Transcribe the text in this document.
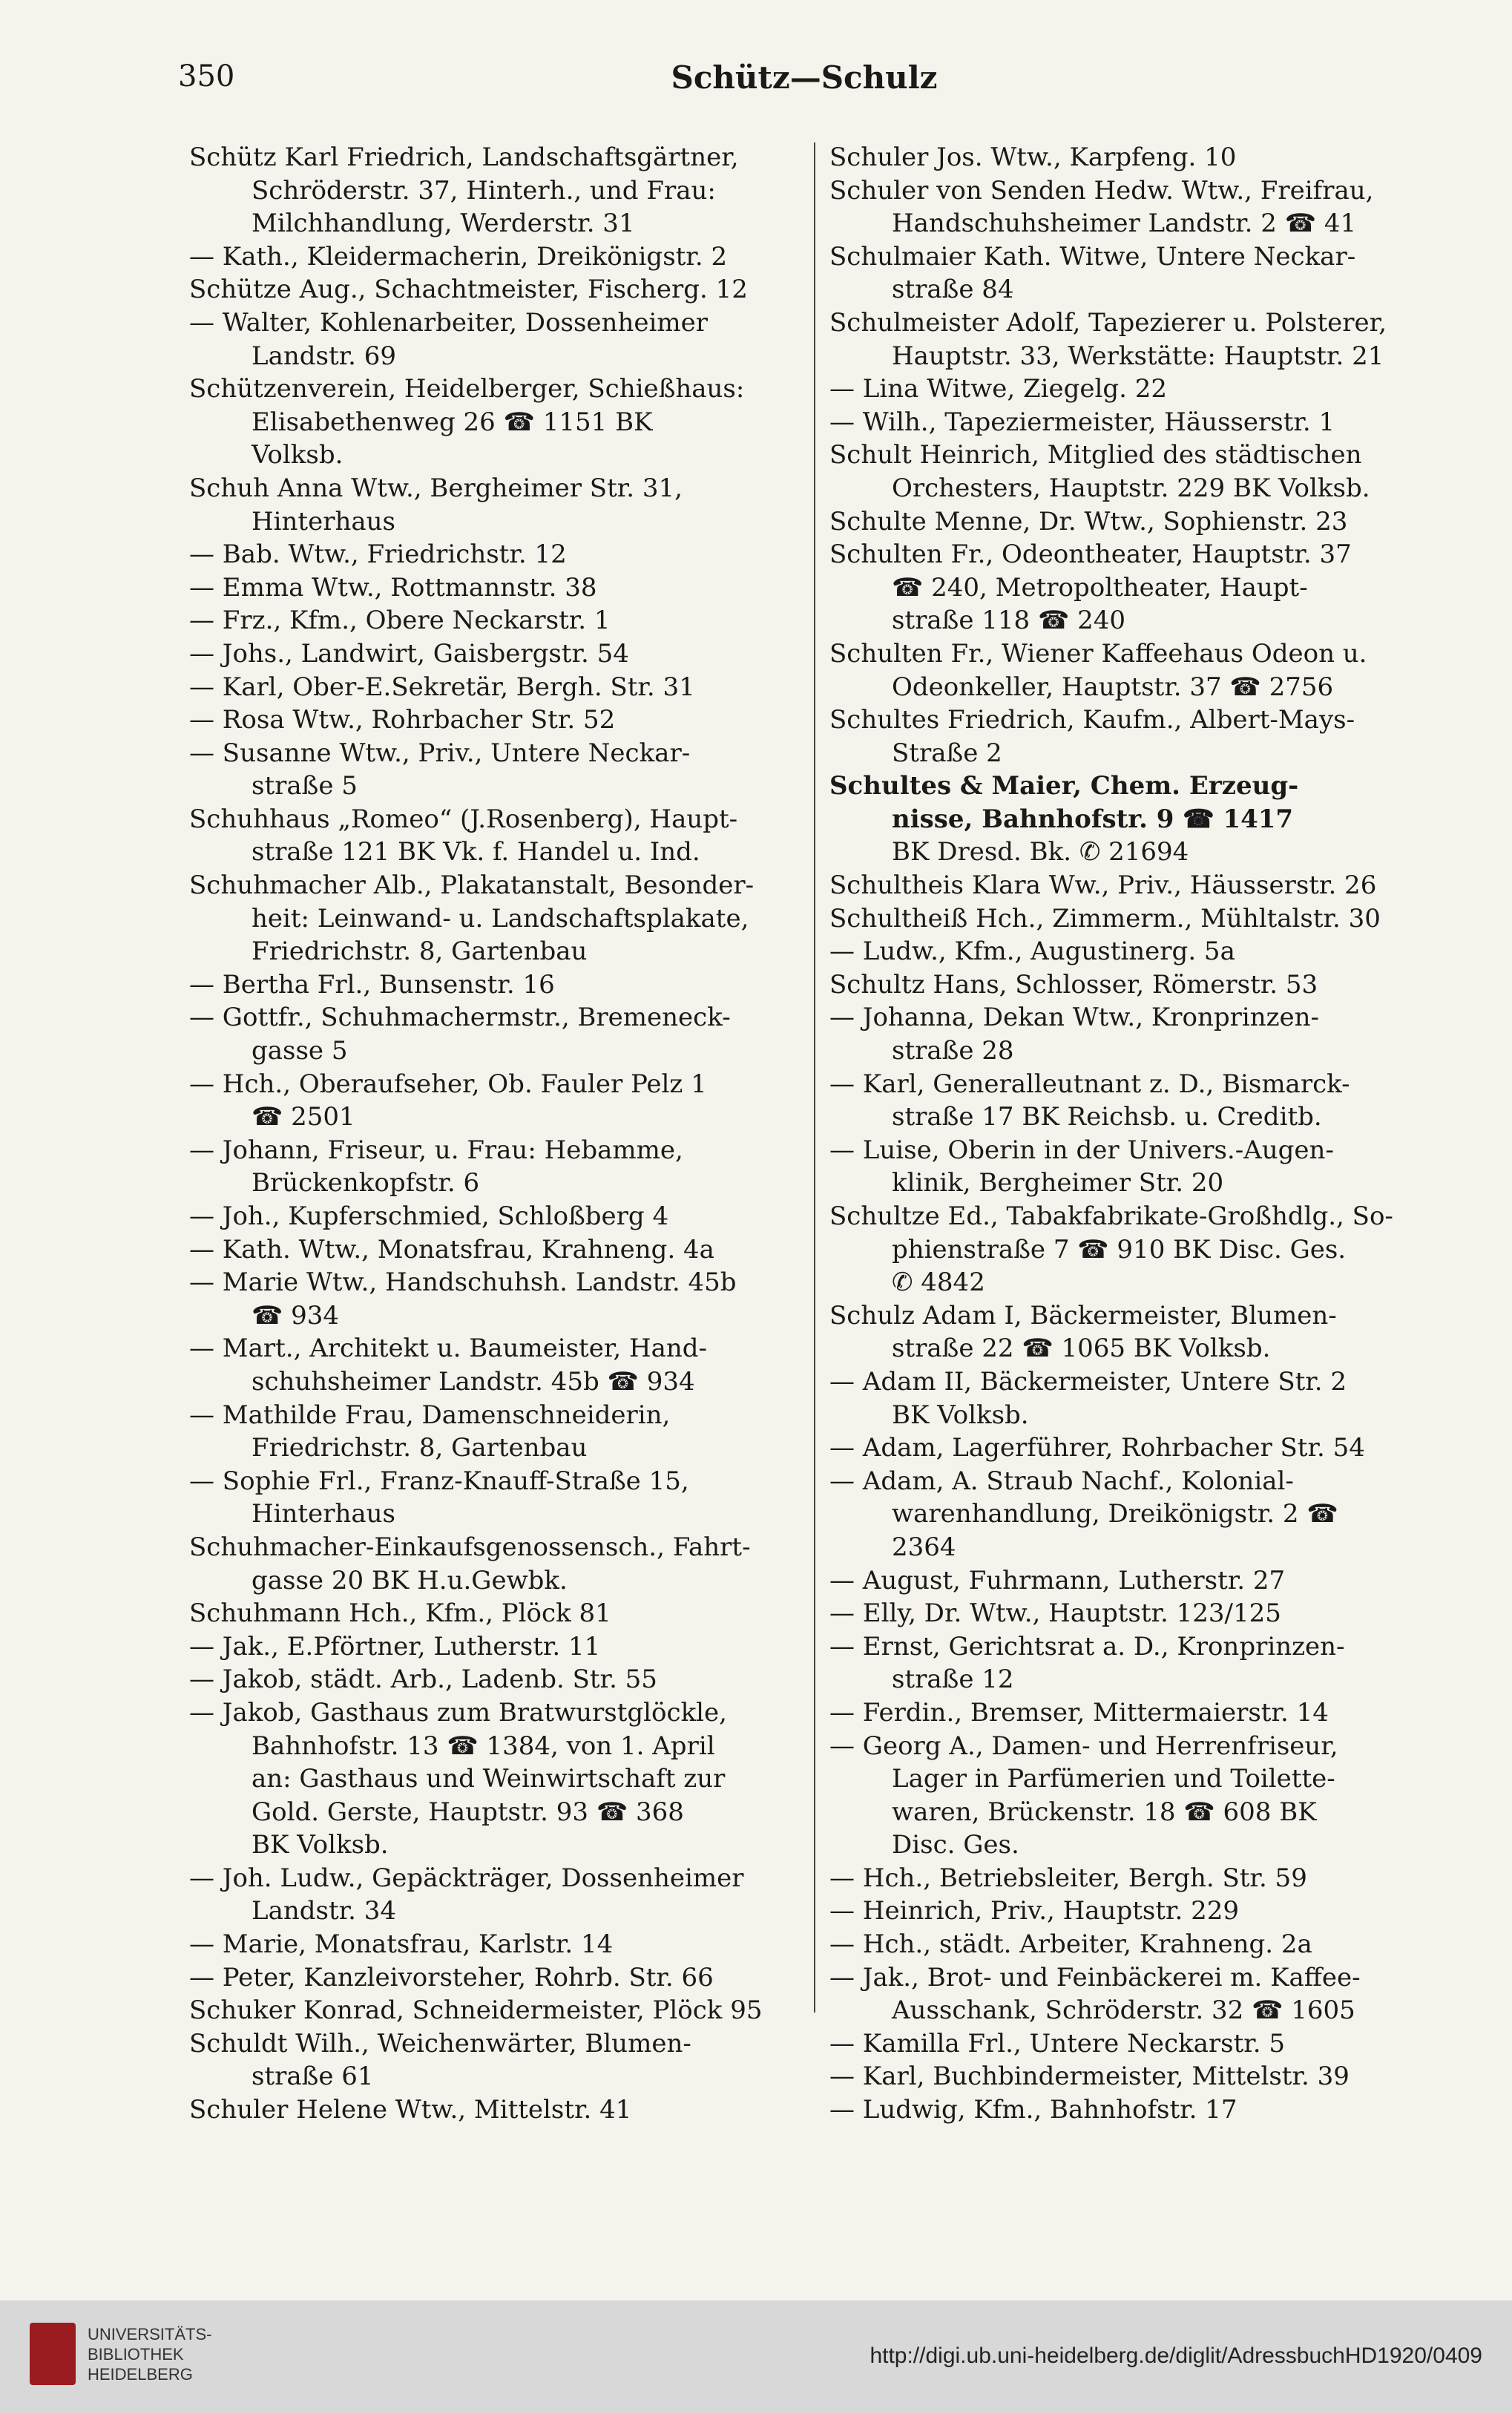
350	Schütz—Schulz
Schütz Karl Friedrich, Landschaftsgärtner,
Schröderstr. 37, Hinterh., und Frau:
Milchhandlung, Werderstr. 31
— Kath., Kleidermacherin, Dreikönigstr. 2
Schütze Aug., Schachtmeister, Fischerg. 12
— Walter, Kohlenarbeiter, Dossenheimer
Landstr. 69
Schützenverein, Heidelberger, Schießhaus:
Elisabethenweg 26 ☎ 1151 BK
Volksb.
Schuh Anna Wtw., Bergheimer Str. 31,
Hinterhaus
— Bab. Wtw., Friedrichstr. 12
— Emma Wtw., Rottmannstr. 38
— Frz., Kfm., Obere Neckarstr. 1
— Johs., Landwirt, Gaisbergstr. 54
— Karl, Ober-E.Sekretär, Bergh. Str. 31
— Rosa Wtw., Rohrbacher Str. 52
— Susanne Wtw., Priv., Untere Neckar-
straße 5
Schuhhaus „Romeo“ (J.Rosenberg), Haupt-
straße 121 BK Vk. f. Handel u. Ind.
Schuhmacher Alb., Plakatanstalt, Besonder-
heit: Leinwand- u. Landschaftsplakate,
Friedrichstr. 8, Gartenbau
— Bertha Frl., Bunsenstr. 16
— Gottfr., Schuhmachermstr., Bremeneck-
gasse 5
— Hch., Oberaufseher, Ob. Fauler Pelz 1
☎ 2501
— Johann, Friseur, u. Frau: Hebamme,
Brückenkopfstr. 6
— Joh., Kupferschmied, Schloßberg 4
— Kath. Wtw., Monatsfrau, Krahneng. 4a
— Marie Wtw., Handschuhsh. Landstr. 45b
☎ 934
— Mart., Architekt u. Baumeister, Hand-
schuhsheimer Landstr. 45b ☎ 934
— Mathilde Frau, Damenschneiderin,
Friedrichstr. 8, Gartenbau
— Sophie Frl., Franz-Knauff-Straße 15,
Hinterhaus
Schuhmacher-Einkaufsgenossensch., Fahrt-
gasse 20 BK H.u.Gewbk.
Schuhmann Hch., Kfm., Plöck 81
— Jak., E.Pförtner, Lutherstr. 11
— Jakob, städt. Arb., Ladenb. Str. 55
— Jakob, Gasthaus zum Bratwurstglöckle,
Bahnhofstr. 13 ☎ 1384, von 1. April
an: Gasthaus und Weinwirtschaft zur
Gold. Gerste, Hauptstr. 93 ☎ 368
BK Volksb.
— Joh. Ludw., Gepäckträger, Dossenheimer
Landstr. 34
— Marie, Monatsfrau, Karlstr. 14
— Peter, Kanzleivorsteher, Rohrb. Str. 66
Schuker Konrad, Schneidermeister, Plöck 95
Schuldt Wilh., Weichenwärter, Blumen-
straße 61
Schuler Helene Wtw., Mittelstr. 41
Schuler Jos. Wtw., Karpfeng. 10
Schuler von Senden Hedw. Wtw., Freifrau,
Handschuhsheimer Landstr. 2 ☎ 41
Schulmaier Kath. Witwe, Untere Neckar-
straße 84
Schulmeister Adolf, Tapezierer u. Polsterer,
Hauptstr. 33, Werkstätte: Hauptstr. 21
— Lina Witwe, Ziegelg. 22
— Wilh., Tapeziermeister, Häusserstr. 1
Schult Heinrich, Mitglied des städtischen
Orchesters, Hauptstr. 229 BK Volksb.
Schulte Menne, Dr. Wtw., Sophienstr. 23
Schulten Fr., Odeontheater, Hauptstr. 37
☎ 240, Metropoltheater, Haupt-
straße 118 ☎ 240
Schulten Fr., Wiener Kaffeehaus Odeon u.
Odeonkeller, Hauptstr. 37 ☎ 2756
Schultes Friedrich, Kaufm., Albert-Mays-
Straße 2
Schultes & Maier, Chem. Erzeug-
nisse, Bahnhofstr. 9 ☎ 1417
BK Dresd. Bk. ✆ 21694
Schultheis Klara Ww., Priv., Häusserstr. 26
Schultheiß Hch., Zimmerm., Mühltalstr. 30
— Ludw., Kfm., Augustinerg. 5a
Schultz Hans, Schlosser, Römerstr. 53
— Johanna, Dekan Wtw., Kronprinzen-
straße 28
— Karl, Generalleutnant z. D., Bismarck-
straße 17 BK Reichsb. u. Creditb.
— Luise, Oberin in der Univers.-Augen-
klinik, Bergheimer Str. 20
Schultze Ed., Tabakfabrikate-Großhdlg., So-
phienstraße 7 ☎ 910 BK Disc. Ges.
✆ 4842
Schulz Adam I, Bäckermeister, Blumen-
straße 22 ☎ 1065 BK Volksb.
— Adam II, Bäckermeister, Untere Str. 2
BK Volksb.
— Adam, Lagerführer, Rohrbacher Str. 54
— Adam, A. Straub Nachf., Kolonial-
warenhandlung, Dreikönigstr. 2 ☎
2364
— August, Fuhrmann, Lutherstr. 27
— Elly, Dr. Wtw., Hauptstr. 123/125
— Ernst, Gerichtsrat a. D., Kronprinzen-
straße 12
— Ferdin., Bremser, Mittermaierstr. 14
— Georg A., Damen- und Herrenfriseur,
Lager in Parfümerien und Toilette-
waren, Brückenstr. 18 ☎ 608 BK
Disc. Ges.
— Hch., Betriebsleiter, Bergh. Str. 59
— Heinrich, Priv., Hauptstr. 229
— Hch., städt. Arbeiter, Krahneng. 2a
— Jak., Brot- und Feinbäckerei m. Kaffee-
Ausschank, Schröderstr. 32 ☎ 1605
— Kamilla Frl., Untere Neckarstr. 5
— Karl, Buchbindermeister, Mittelstr. 39
— Ludwig, Kfm., Bahnhofstr. 17
UNIVERSITÄTS-
BIBLIOTHEK
HEIDELBERG
http://digi.ub.uni-heidelberg.de/diglit/AdressbuchHD1920/0409
